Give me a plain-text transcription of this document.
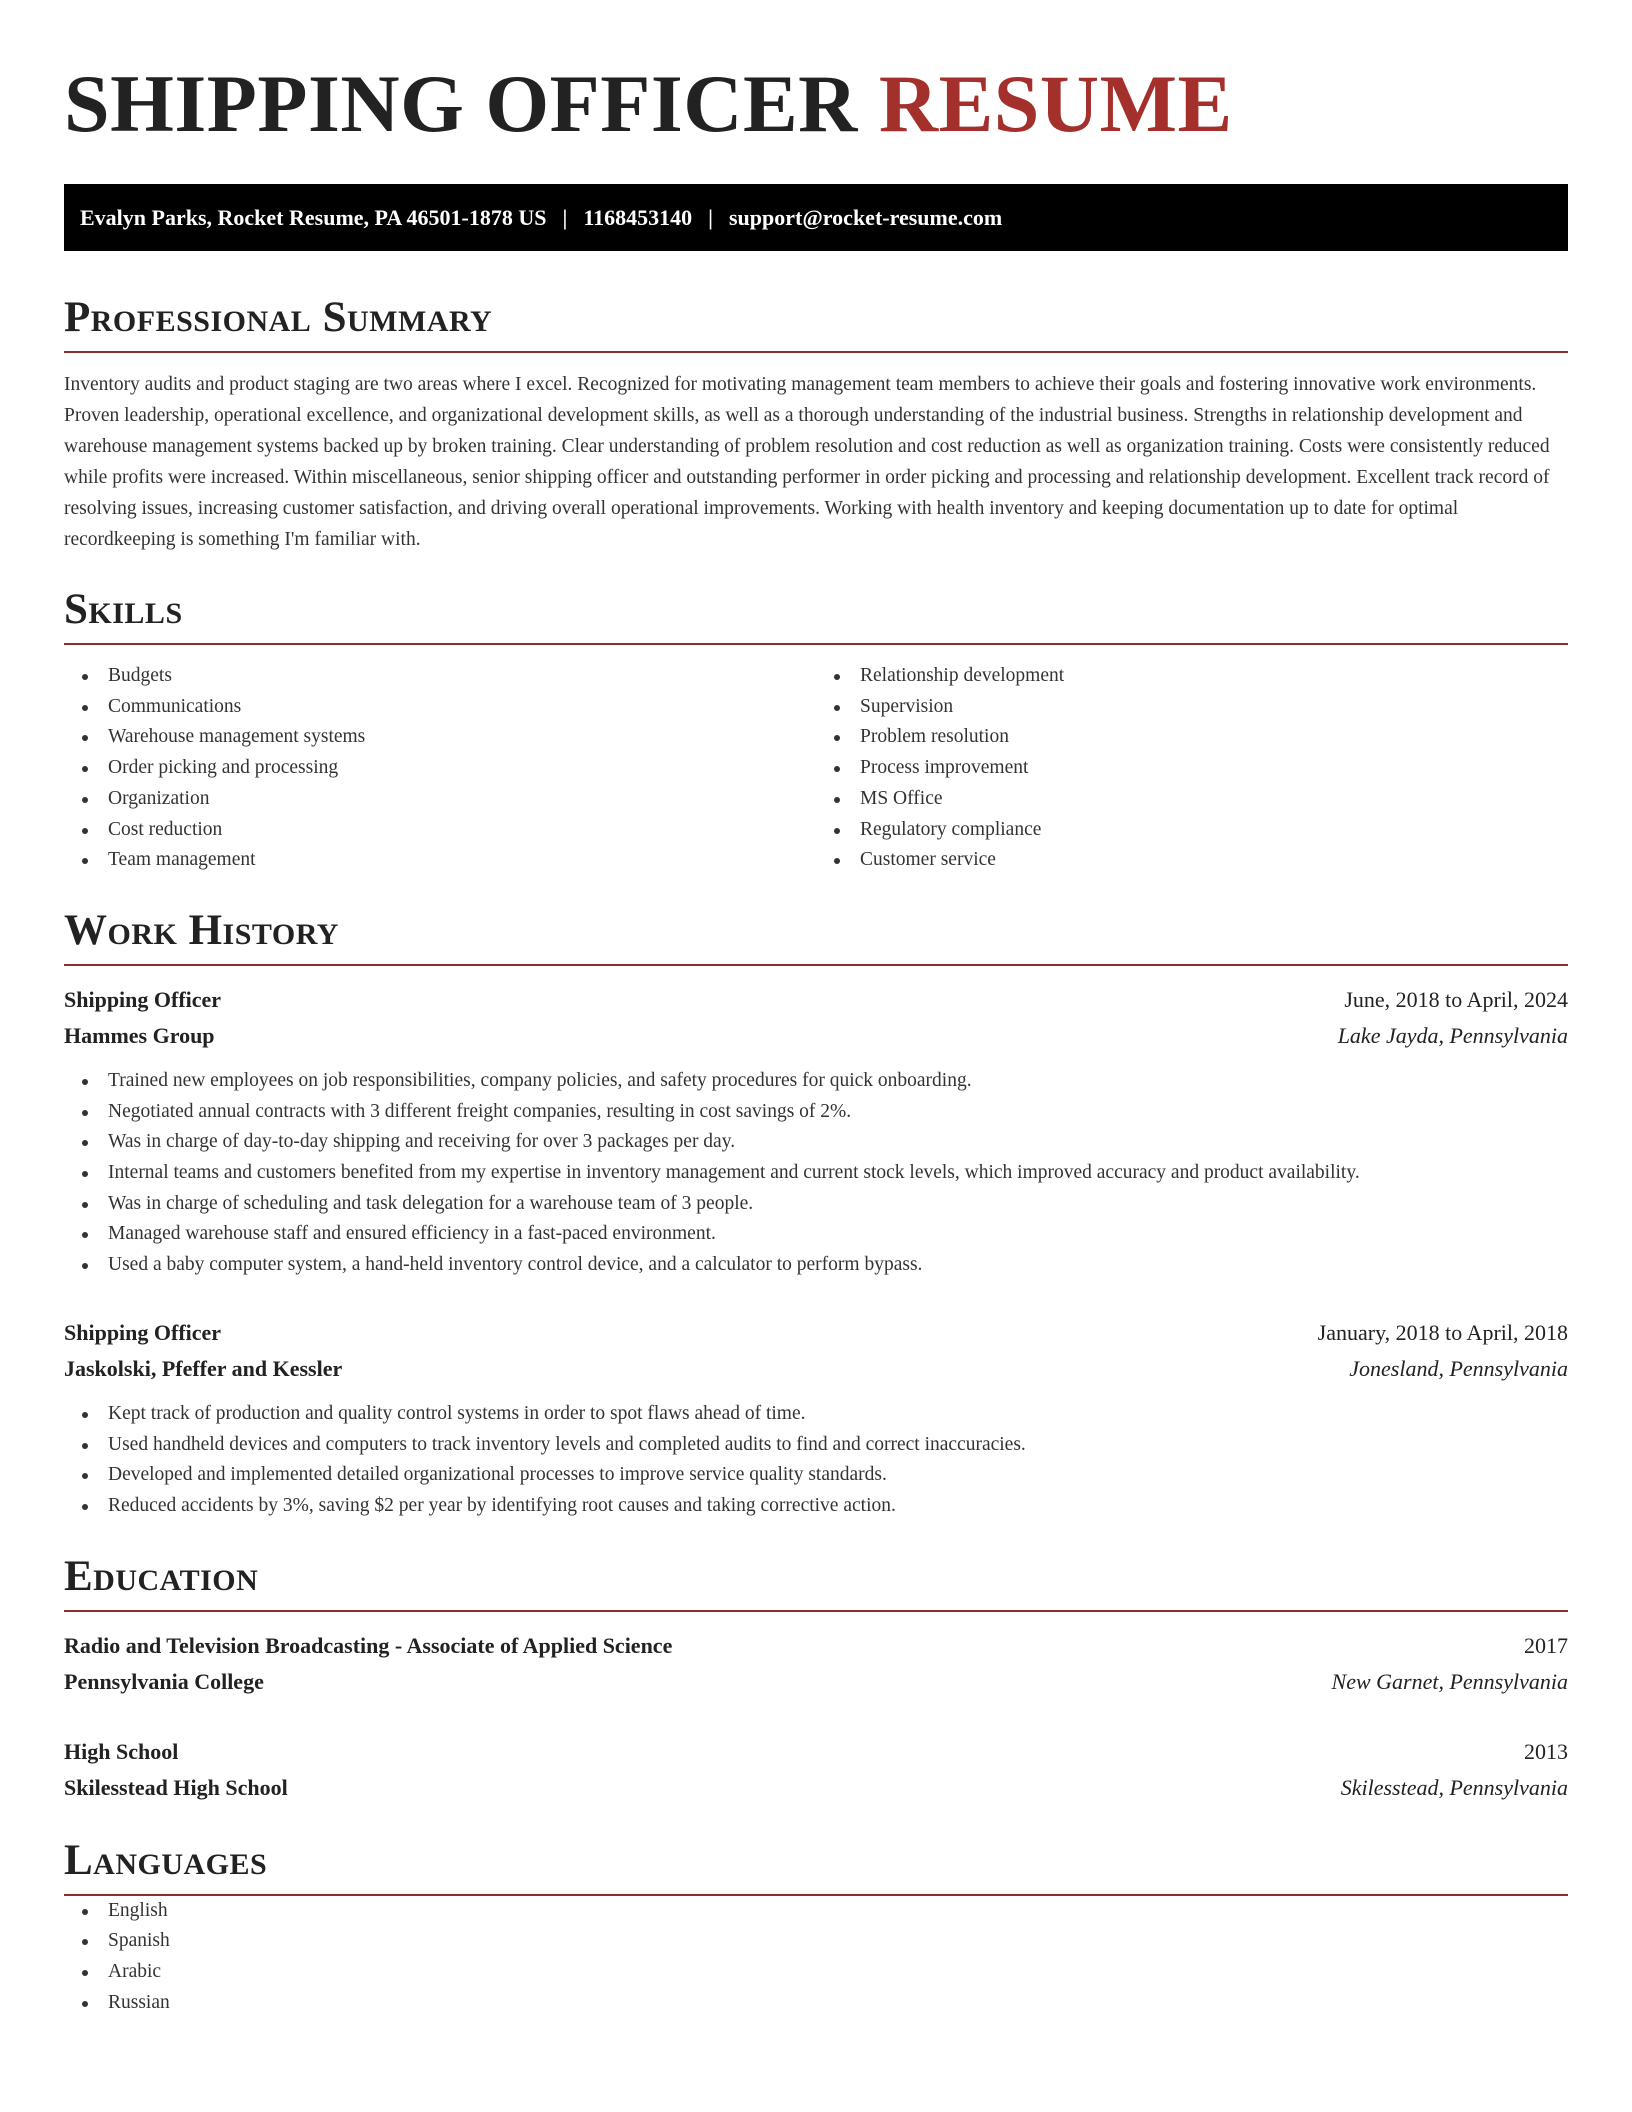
SHIPPING OFFICER RESUME
Evalyn Parks, Rocket Resume, PA 46501-1878 US | 1168453140 | support@rocket-resume.com
Professional Summary

Inventory audits and product staging are two areas where I excel. Recognized for motivating management team members to achieve their goals and fostering innovative work environments. Proven leadership, operational excellence, and organizational development skills, as well as a thorough understanding of the industrial business. Strengths in relationship development and warehouse management systems backed up by broken training. Clear understanding of problem resolution and cost reduction as well as organization training. Costs were consistently reduced while profits were increased. Within miscellaneous, senior shipping officer and outstanding performer in order picking and processing and relationship development. Excellent track record of resolving issues, increasing customer satisfaction, and driving overall operational improvements. Working with health inventory and keeping documentation up to date for optimal recordkeeping is something I'm familiar with.

Skills
Budgets
Communications
Warehouse management systems
Order picking and processing
Organization
Cost reduction
Team management
Relationship development
Supervision
Problem resolution
Process improvement
MS Office
Regulatory compliance
Customer service
Work History
Shipping Officer	June, 2018 to April, 2024
Hammes Group	Lake Jayda, Pennsylvania
Trained new employees on job responsibilities, company policies, and safety procedures for quick onboarding.
Negotiated annual contracts with 3 different freight companies, resulting in cost savings of 2%.
Was in charge of day-to-day shipping and receiving for over 3 packages per day.
Internal teams and customers benefited from my expertise in inventory management and current stock levels, which improved accuracy and product availability.
Was in charge of scheduling and task delegation for a warehouse team of 3 people.
Managed warehouse staff and ensured efficiency in a fast-paced environment.
Used a baby computer system, a hand-held inventory control device, and a calculator to perform bypass.
Shipping Officer	January, 2018 to April, 2018
Jaskolski, Pfeffer and Kessler	Jonesland, Pennsylvania
Kept track of production and quality control systems in order to spot flaws ahead of time.
Used handheld devices and computers to track inventory levels and completed audits to find and correct inaccuracies.
Developed and implemented detailed organizational processes to improve service quality standards.
Reduced accidents by 3%, saving $2 per year by identifying root causes and taking corrective action.
Education
Radio and Television Broadcasting - Associate of Applied Science	2017
Pennsylvania College	New Garnet, Pennsylvania
High School	2013
Skilesstead High School	Skilesstead, Pennsylvania
Languages
English
Spanish
Arabic
Russian
